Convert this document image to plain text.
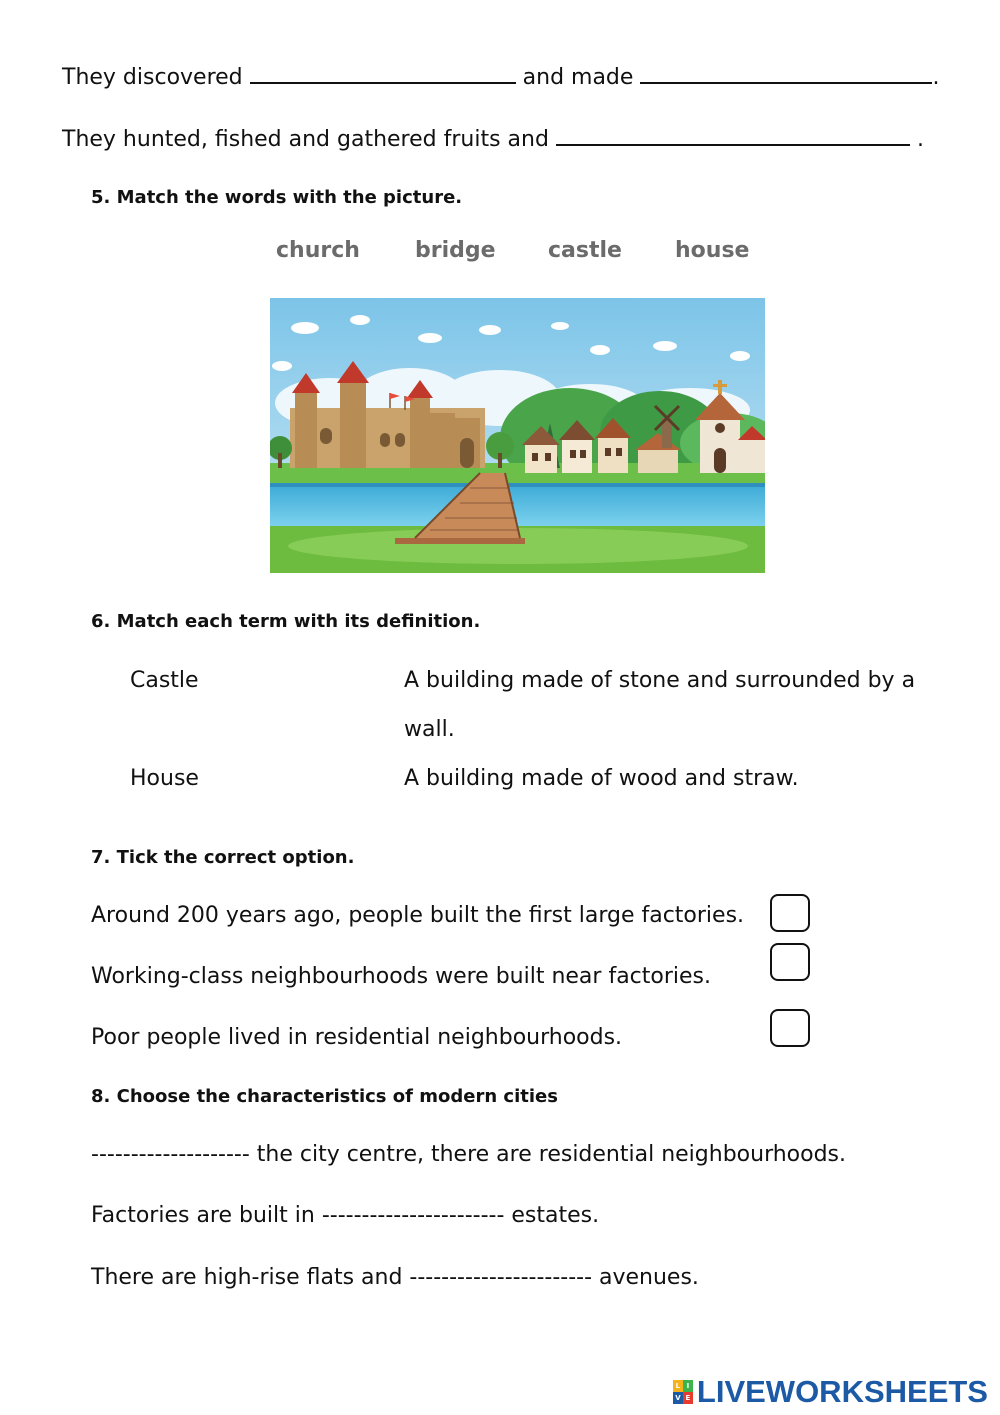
They discovered	and made	.
They hunted, fished and gathered fruits and	.
5. Match the words with the picture.
church	bridge castle house
6. Match each term with its definition.
Castle	A building made of stone and surrounded by a
wall.
House	A building made of wood and straw.
7. Tick the correct option.
Around 200 years ago, people built the first large factories.
Working-class neighbourhoods were built near factories.
Poor people lived in residential neighbourhoods.
8. Choose the characteristics of modern cities
-------------------- the city centre, there are residential neighbourhoods.
Factories are built in ----------------------- estates.
There are high-rise flats and ----------------------- avenues.
L I
V E LIVEWORKSHEETS
